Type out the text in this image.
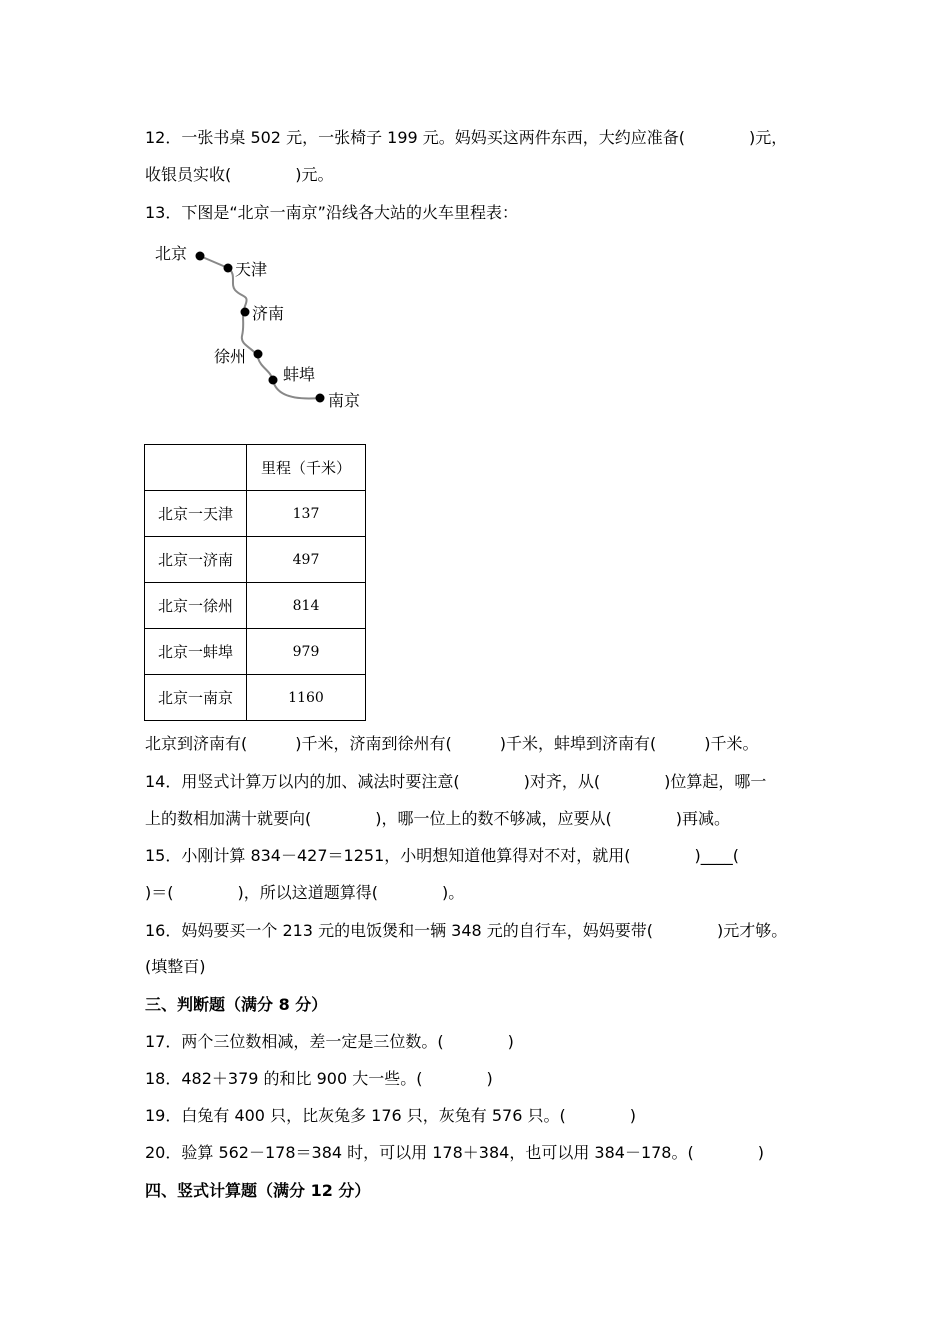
12．一张书桌 502 元，一张椅子 199 元。妈妈买这两件东西，大约应准备(　　　　)元，
收银员实收(　　　　)元。
13．下图是“北京一南京”沿线各大站的火车里程表：
北京
天津
济南
徐州
蚌埠
南京
	里程（千米）
北京一天津	137
北京一济南	497
北京一徐州	814
北京一蚌埠	979
北京一南京	1160
北京到济南有(　　　)千米，济南到徐州有(　　　)千米，蚌埠到济南有(　　　)千米。
14．用竖式计算万以内的加、减法时要注意(　　　　)对齐，从(　　　　)位算起，哪一
上的数相加满十就要向(　　　　)，哪一位上的数不够减，应要从(　　　　)再减。
15．小刚计算 834－427＝1251，小明想知道他算得对不对，就用(　　　　)____(
)＝(　　　　)，所以这道题算得(　　　　)。
16．妈妈要买一个 213 元的电饭煲和一辆 348 元的自行车，妈妈要带(　　　　)元才够。
(填整百)
三、判断题（满分 8 分）
17．两个三位数相减，差一定是三位数。(　　　　)
18．482＋379 的和比 900 大一些。(　　　　)
19．白兔有 400 只，比灰兔多 176 只，灰兔有 576 只。(　　　　)
20．验算 562－178＝384 时，可以用 178＋384，也可以用 384－178。(　　　　)
四、竖式计算题（满分 12 分）
